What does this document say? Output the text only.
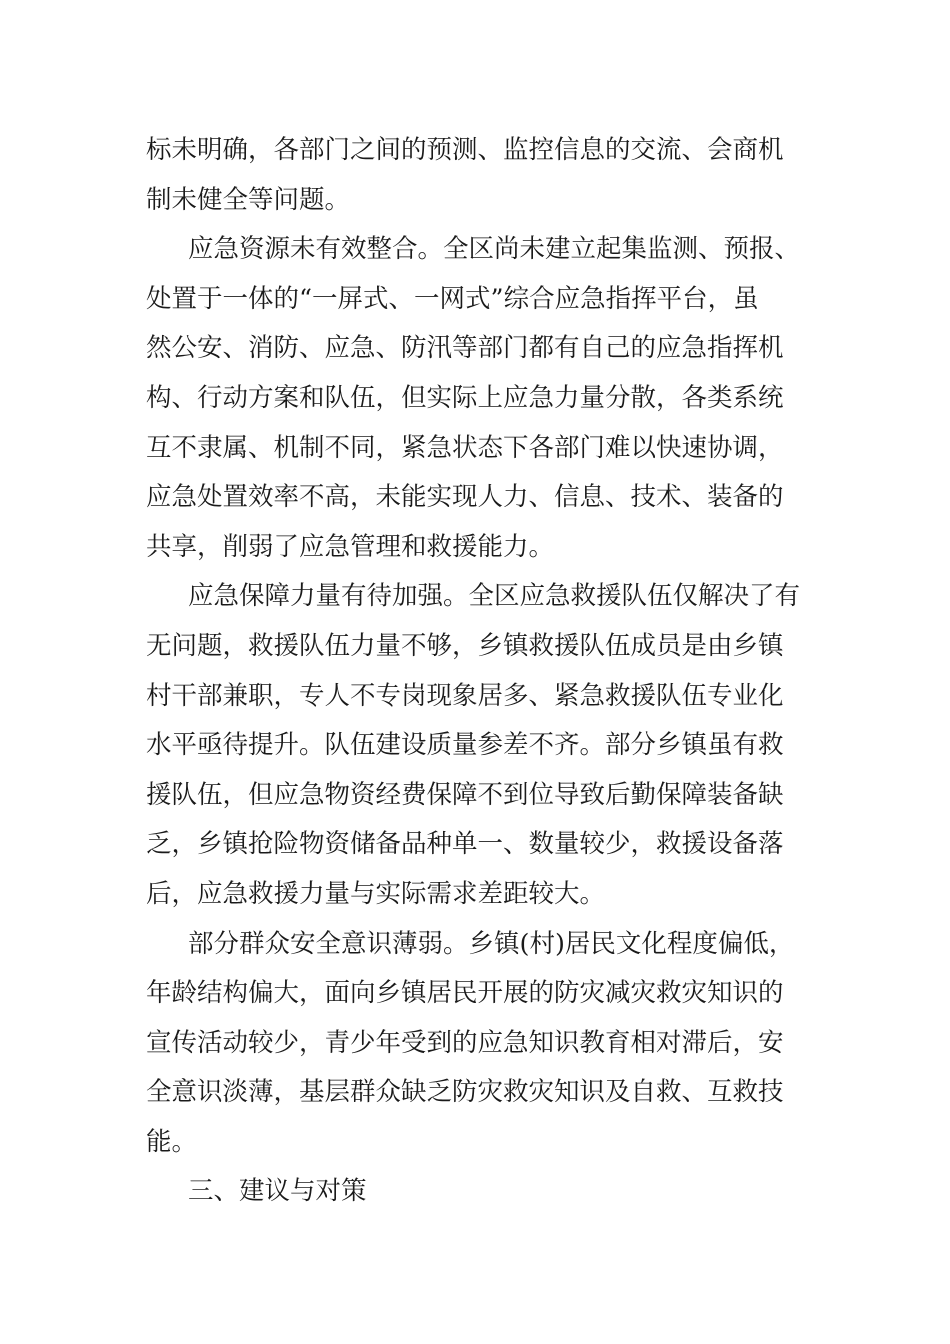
标未明确，各部门之间的预测、监控信息的交流、会商机
制未健全等问题。
应急资源未有效整合。全区尚未建立起集监测、预报、
处置于一体的“一屏式、一网式”综合应急指挥平台，虽
然公安、消防、应急、防汛等部门都有自己的应急指挥机
构、行动方案和队伍，但实际上应急力量分散，各类系统
互不隶属、机制不同，紧急状态下各部门难以快速协调，
应急处置效率不高，未能实现人力、信息、技术、装备的
共享，削弱了应急管理和救援能力。
应急保障力量有待加强。全区应急救援队伍仅解决了有
无问题，救援队伍力量不够，乡镇救援队伍成员是由乡镇
村干部兼职，专人不专岗现象居多、紧急救援队伍专业化
水平亟待提升。队伍建设质量参差不齐。部分乡镇虽有救
援队伍，但应急物资经费保障不到位导致后勤保障装备缺
乏，乡镇抢险物资储备品种单一、数量较少，救援设备落
后，应急救援力量与实际需求差距较大。
部分群众安全意识薄弱。乡镇(村)居民文化程度偏低，
年龄结构偏大，面向乡镇居民开展的防灾减灾救灾知识的
宣传活动较少，青少年受到的应急知识教育相对滞后，安
全意识淡薄，基层群众缺乏防灾救灾知识及自救、互救技
能。
三、建议与对策
